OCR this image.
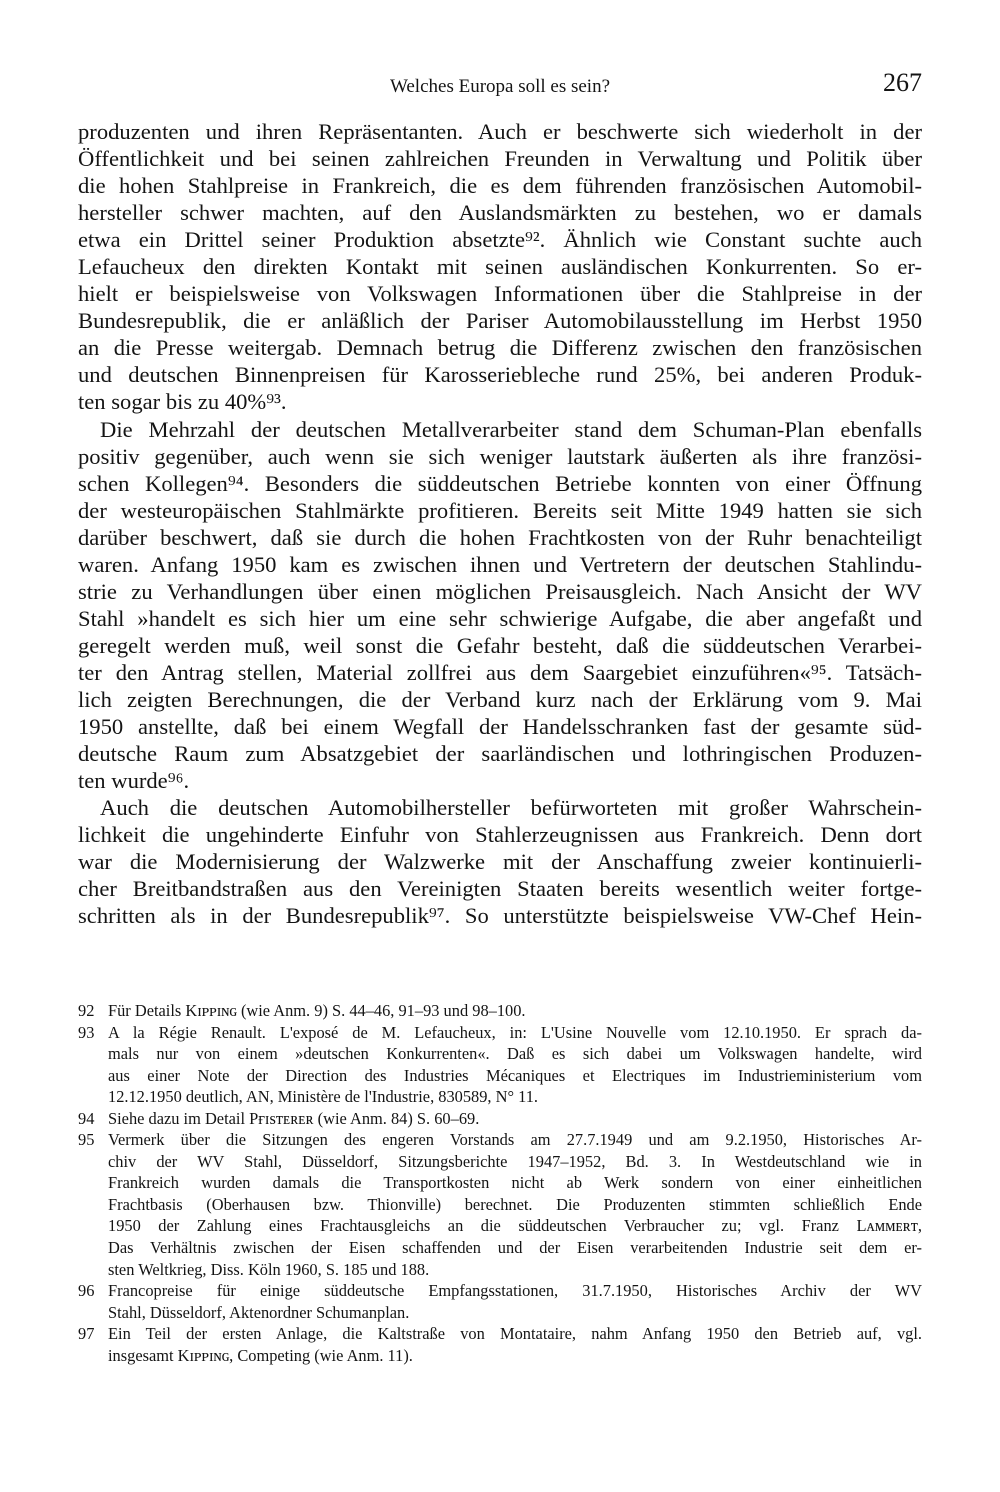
Welches Europa soll es sein?	267
produzenten und ihren Repräsentanten. Auch er beschwerte sich wiederholt in der
Öffentlichkeit und bei seinen zahlreichen Freunden in Verwaltung und Politik über
die hohen Stahlpreise in Frankreich, die es dem führenden französischen Automobil-
hersteller schwer machten, auf den Auslandsmärkten zu bestehen, wo er damals
etwa ein Drittel seiner Produktion absetzte⁹². Ähnlich wie Constant suchte auch
Lefaucheux den direkten Kontakt mit seinen ausländischen Konkurrenten. So er-
hielt er beispielsweise von Volkswagen Informationen über die Stahlpreise in der
Bundesrepublik, die er anläßlich der Pariser Automobilausstellung im Herbst 1950
an die Presse weitergab. Demnach betrug die Differenz zwischen den französischen
und deutschen Binnenpreisen für Karosseriebleche rund 25%, bei anderen Produk-
ten sogar bis zu 40%⁹³.
Die Mehrzahl der deutschen Metallverarbeiter stand dem Schuman-Plan ebenfalls
positiv gegenüber, auch wenn sie sich weniger lautstark äußerten als ihre französi-
schen Kollegen⁹⁴. Besonders die süddeutschen Betriebe konnten von einer Öffnung
der westeuropäischen Stahlmärkte profitieren. Bereits seit Mitte 1949 hatten sie sich
darüber beschwert, daß sie durch die hohen Frachtkosten von der Ruhr benachteiligt
waren. Anfang 1950 kam es zwischen ihnen und Vertretern der deutschen Stahlindu-
strie zu Verhandlungen über einen möglichen Preisausgleich. Nach Ansicht der WV
Stahl »handelt es sich hier um eine sehr schwierige Aufgabe, die aber angefaßt und
geregelt werden muß, weil sonst die Gefahr besteht, daß die süddeutschen Verarbei-
ter den Antrag stellen, Material zollfrei aus dem Saargebiet einzuführen«⁹⁵. Tatsäch-
lich zeigten Berechnungen, die der Verband kurz nach der Erklärung vom 9. Mai
1950 anstellte, daß bei einem Wegfall der Handelsschranken fast der gesamte süd-
deutsche Raum zum Absatzgebiet der saarländischen und lothringischen Produzen-
ten wurde⁹⁶.
Auch die deutschen Automobilhersteller befürworteten mit großer Wahrschein-
lichkeit die ungehinderte Einfuhr von Stahlerzeugnissen aus Frankreich. Denn dort
war die Modernisierung der Walzwerke mit der Anschaffung zweier kontinuierli-
cher Breitbandstraßen aus den Vereinigten Staaten bereits wesentlich weiter fortge-
schritten als in der Bundesrepublik⁹⁷. So unterstützte beispielsweise VW-Chef Hein-
92 Für Details Kɪᴘᴘɪɴɢ (wie Anm. 9) S. 44–46, 91–93 und 98–100.
93 A la Régie Renault. L'exposé de M. Lefaucheux, in: L'Usine Nouvelle vom 12.10.1950. Er sprach da-
mals nur von einem »deutschen Konkurrenten«. Daß es sich dabei um Volkswagen handelte, wird
aus einer Note der Direction des Industries Mécaniques et Electriques im Industrieministerium vom
12.12.1950 deutlich, AN, Ministère de l'Industrie, 830589, N° 11.
94 Siehe dazu im Detail Pғɪsᴛᴇʀᴇʀ (wie Anm. 84) S. 60–69.
95 Vermerk über die Sitzungen des engeren Vorstands am 27.7.1949 und am 9.2.1950, Historisches Ar-
chiv der WV Stahl, Düsseldorf, Sitzungsberichte 1947–1952, Bd. 3. In Westdeutschland wie in
Frankreich wurden damals die Transportkosten nicht ab Werk sondern von einer einheitlichen
Frachtbasis (Oberhausen bzw. Thionville) berechnet. Die Produzenten stimmten schließlich Ende
1950 der Zahlung eines Frachtausgleichs an die süddeutschen Verbraucher zu; vgl. Franz Lᴀᴍᴍᴇʀᴛ,
Das Verhältnis zwischen der Eisen schaffenden und der Eisen verarbeitenden Industrie seit dem er-
sten Weltkrieg, Diss. Köln 1960, S. 185 und 188.
96 Francopreise für einige süddeutsche Empfangsstationen, 31.7.1950, Historisches Archiv der WV
Stahl, Düsseldorf, Aktenordner Schumanplan.
97 Ein Teil der ersten Anlage, die Kaltstraße von Montataire, nahm Anfang 1950 den Betrieb auf, vgl.
insgesamt Kɪᴘᴘɪɴɢ, Competing (wie Anm. 11).
